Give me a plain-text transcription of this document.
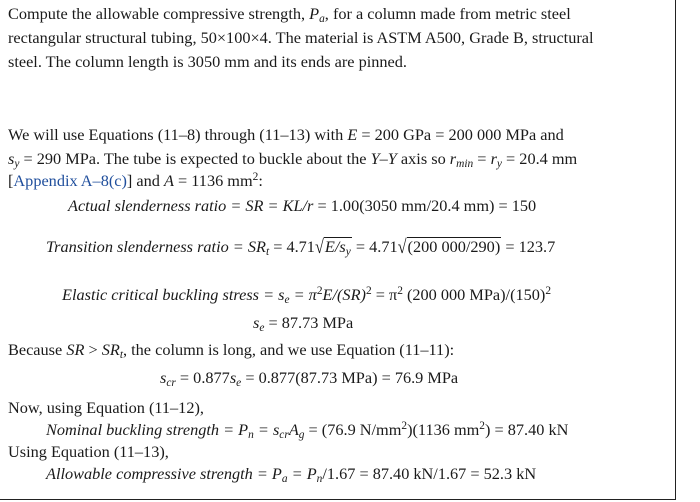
Compute the allowable compressive strength, $P_a$, for a column made from metric steel
rectangular structural tubing, 50×100×4. The material is ASTM A500, Grade B, structural
steel. The column length is 3050 mm and its ends are pinned.
We will use Equations (11–8) through (11–13) with E = 200 GPa = 200 000 MPa and
$s_y = 290$ MPa. The tube is expected to buckle about the Y–Y axis so $r_{min} = r_y = 20.4$ mm
[Appendix A–8(c)] and A = 1136 $mm^2$:
Actual slenderness ratio = SR = KL/r = 1.00(3050 mm/20.4 mm) = 150
Transition slenderness ratio = $SR_t = 4.71√E/s_y = 4.71√(200$ 000/290) = 123.7
Elastic critical buckling stress = $s_e = \pi^2E/(SR)^2 = \pi^2$ (200 000 $MPa)/(150)^2$
$s_e = 87.73$ MPa
Because SR > $SR_t$, the column is long, and we use Equation (11–11):
$s_{cr} = 0.877s_e = 0.877(87.73$ MPa) = 76.9 MPa
Now, using Equation (11–12),
Nominal buckling strength = $P_n = s_{cr}A_g = (76.9$ $N/mm^2)(1136$ $mm^2) = 87.40$ kN
Using Equation (11–13),
Allowable compressive strength = $P_a = P_n/1.67 = 87.40$ kN/1.67 = 52.3 kN
